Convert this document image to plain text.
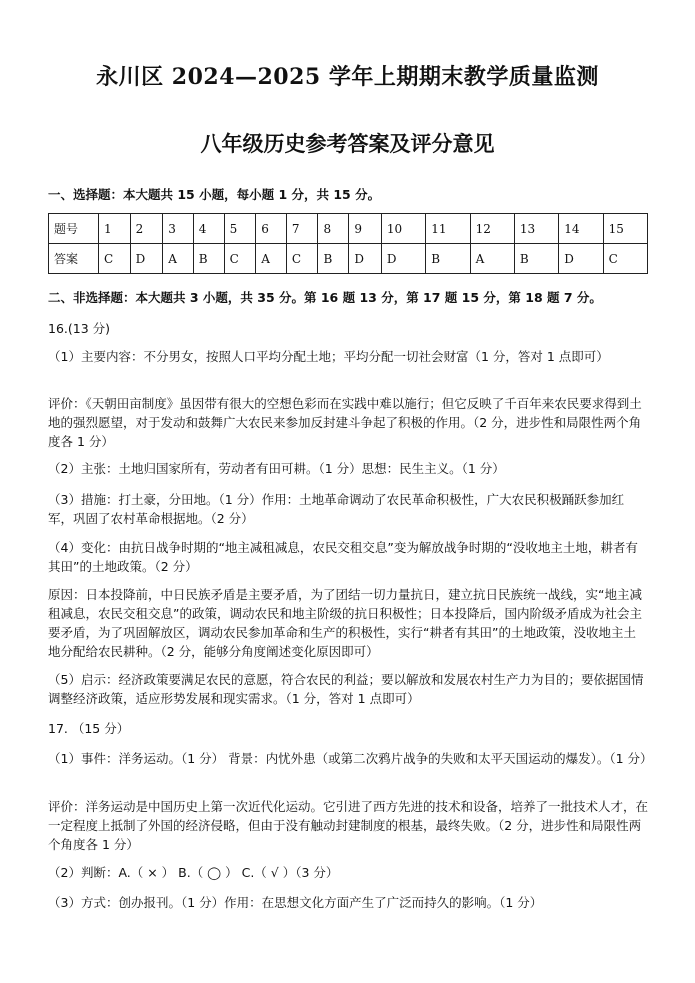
永川区 2024—2025 学年上期期末教学质量监测
八年级历史参考答案及评分意见
一、选择题：本大题共 15 小题，每小题 1 分，共 15 分。
题号	1	2	3	4	5	6	7	8	9	10	11	12	13	14	15
答案	C	D	A	B	C	A	C	B	D	D	B	A	B	D	C
二、非选择题：本大题共 3 小题，共 35 分。第 16 题 13 分，第 17 题 15 分，第 18 题 7 分。
16.(13 分)
（1）主要内容：不分男女，按照人口平均分配土地；平均分配一切社会财富（1 分，答对 1 点即可）
评价：《天朝田亩制度》虽因带有很大的空想色彩而在实践中难以施行；但它反映了千百年来农民要求得到土地的强烈愿望，对于发动和鼓舞广大农民来参加反封建斗争起了积极的作用。（2 分，进步性和局限性两个角度各 1 分）
（2）主张：土地归国家所有，劳动者有田可耕。（1 分）思想：民生主义。（1 分）
（3）措施：打土豪，分田地。（1 分）作用：土地革命调动了农民革命积极性，广大农民积极踊跃参加红军，巩固了农村革命根据地。（2 分）
（4）变化：由抗日战争时期的“地主减租减息，农民交租交息”变为解放战争时期的“没收地主土地，耕者有其田”的土地政策。（2 分）
原因：日本投降前，中日民族矛盾是主要矛盾，为了团结一切力量抗日，建立抗日民族统一战线，实“地主减租减息，农民交租交息”的政策，调动农民和地主阶级的抗日积极性；日本投降后，国内阶级矛盾成为社会主要矛盾，为了巩固解放区，调动农民参加革命和生产的积极性，实行“耕者有其田”的土地政策，没收地主土地分配给农民耕种。（2 分，能够分角度阐述变化原因即可）
（5）启示：经济政策要满足农民的意愿，符合农民的利益；要以解放和发展农村生产力为目的；要依据国情调整经济政策，适应形势发展和现实需求。（1 分，答对 1 点即可）
17. （15 分）
（1）事件：洋务运动。（1 分） 背景：内忧外患（或第二次鸦片战争的失败和太平天国运动的爆发）。（1 分）
评价：洋务运动是中国历史上第一次近代化运动。它引进了西方先进的技术和设备，培养了一批技术人才，在一定程度上抵制了外国的经济侵略，但由于没有触动封建制度的根基，最终失败。（2 分，进步性和局限性两个角度各 1 分）
（2）判断：A.（ × ） B.（ ◯ ） C.（ √ ）（3 分）
（3）方式：创办报刊。（1 分）作用：在思想文化方面产生了广泛而持久的影响。（1 分）
